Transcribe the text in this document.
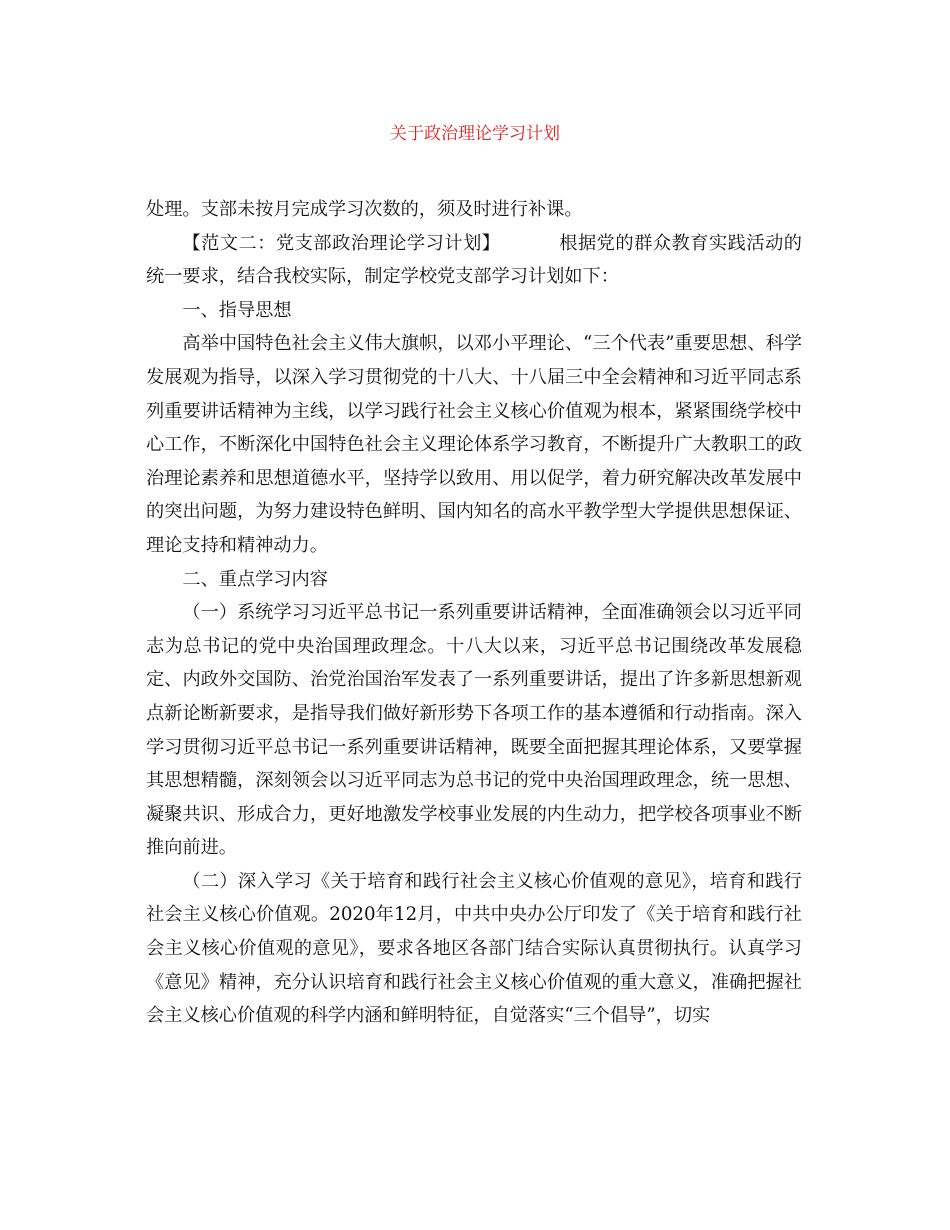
关于政治理论学习计划

处理。支部未按月完成学习次数的，须及时进行补课。

【范文二：党支部政治理论学习计划】	根据党的群众教育实践活动的统一要求，结合我校实际，制定学校党支部学习计划如下：

一、指导思想

高举中国特色社会主义伟大旗帜，以邓小平理论、“三个代表”重要思想、科学发展观为指导，以深入学习贯彻党的十八大、十八届三中全会精神和习近平同志系列重要讲话精神为主线，以学习践行社会主义核心价值观为根本，紧紧围绕学校中心工作，不断深化中国特色社会主义理论体系学习教育，不断提升广大教职工的政治理论素养和思想道德水平，坚持学以致用、用以促学，着力研究解决改革发展中的突出问题，为努力建设特色鲜明、国内知名的高水平教学型大学提供思想保证、理论支持和精神动力。

二、重点学习内容

（一）系统学习习近平总书记一系列重要讲话精神，全面准确领会以习近平同志为总书记的党中央治国理政理念。十八大以来，习近平总书记围绕改革发展稳定、内政外交国防、治党治国治军发表了一系列重要讲话，提出了许多新思想新观点新论断新要求，是指导我们做好新形势下各项工作的基本遵循和行动指南。深入学习贯彻习近平总书记一系列重要讲话精神，既要全面把握其理论体系，又要掌握其思想精髓，深刻领会以习近平同志为总书记的党中央治国理政理念，统一思想、凝聚共识、形成合力，更好地激发学校事业发展的内生动力，把学校各项事业不断推向前进。

（二）深入学习《关于培育和践行社会主义核心价值观的意见》，培育和践行社会主义核心价值观。2020年12月，中共中央办公厅印发了《关于培育和践行社会主义核心价值观的意见》，要求各地区各部门结合实际认真贯彻执行。认真学习《意见》精神，充分认识培育和践行社会主义核心价值观的重大意义，准确把握社会主义核心价值观的科学内涵和鲜明特征，自觉落实“三个倡导”，切实
